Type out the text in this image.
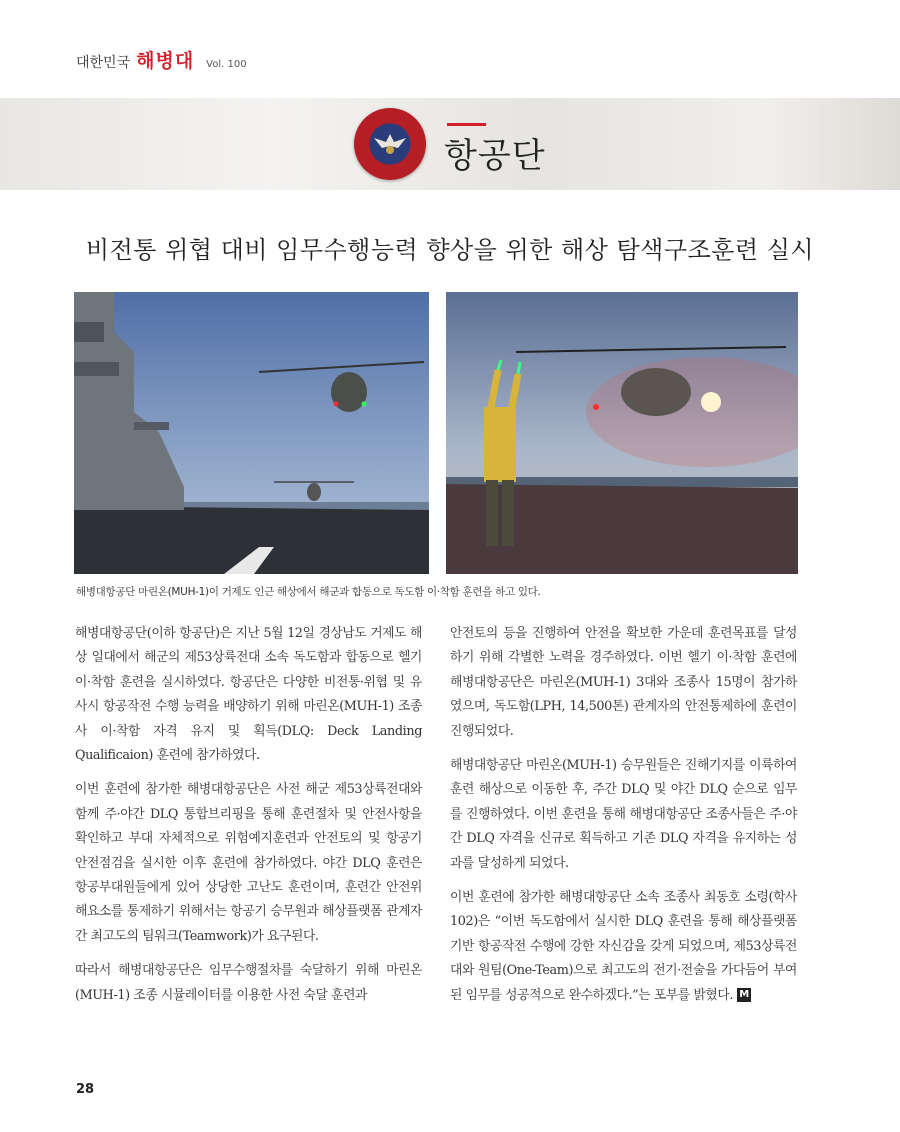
대한민국 해병대 Vol. 100
항공단
비전통 위협 대비 임무수행능력 향상을 위한 해상 탐색구조훈련 실시
해병대항공단 마린온(MUH-1)이 거제도 인근 해상에서 해군과 합동으로 독도함 이·착함 훈련을 하고 있다.

해병대항공단(이하 항공단)은 지난 5월 12일 경상남도 거제도 해상 일대에서 해군의 제53상륙전대 소속 독도함과 합동으로 헬기 이·착함 훈련을 실시하였다. 항공단은 다양한 비전통·위협 및 유사시 항공작전 수행 능력을 배양하기 위해 마린온(MUH-1) 조종사 이·착함 자격 유지 및 획득(DLQ: Deck Landing Qualificaion) 훈련에 참가하였다.

이번 훈련에 참가한 해병대항공단은 사전 해군 제53상륙전대와 함께 주·야간 DLQ 통합브리핑을 통해 훈련절차 및 안전사항을 확인하고 부대 자체적으로 위험예지훈련과 안전토의 및 항공기 안전점검을 실시한 이후 훈련에 참가하였다. 야간 DLQ 훈련은 항공부대원들에게 있어 상당한 고난도 훈련이며, 훈련간 안전위해요소를 통제하기 위해서는 항공기 승무원과 해상플랫폼 관계자 간 최고도의 팀워크(Teamwork)가 요구된다.

따라서 해병대항공단은 임무수행절차를 숙달하기 위해 마린온(MUH-1) 조종 시뮬레이터를 이용한 사전 숙달 훈련과

안전토의 등을 진행하여 안전을 확보한 가운데 훈련목표를 달성하기 위해 각별한 노력을 경주하였다. 이번 헬기 이·착함 훈련에 해병대항공단은 마린온(MUH-1) 3대와 조종사 15명이 참가하였으며, 독도함(LPH, 14,500톤) 관계자의 안전통제하에 훈련이 진행되었다.

해병대항공단 마린온(MUH-1) 승무원들은 진해기지를 이륙하여 훈련 해상으로 이동한 후, 주간 DLQ 및 야간 DLQ 순으로 임무를 진행하였다. 이번 훈련을 통해 해병대항공단 조종사들은 주·야간 DLQ 자격을 신규로 획득하고 기존 DLQ 자격을 유지하는 성과를 달성하게 되었다.

이번 훈련에 참가한 해병대항공단 소속 조종사 최동호 소령(학사102)은 “이번 독도함에서 실시한 DLQ 훈련을 통해 해상플랫폼 기반 항공작전 수행에 강한 자신감을 갖게 되었으며, 제53상륙전대와 원팀(One-Team)으로 최고도의 전기·전술을 가다듬어 부여된 임무를 성공적으로 완수하겠다.”는 포부를 밝혔다. M

28
